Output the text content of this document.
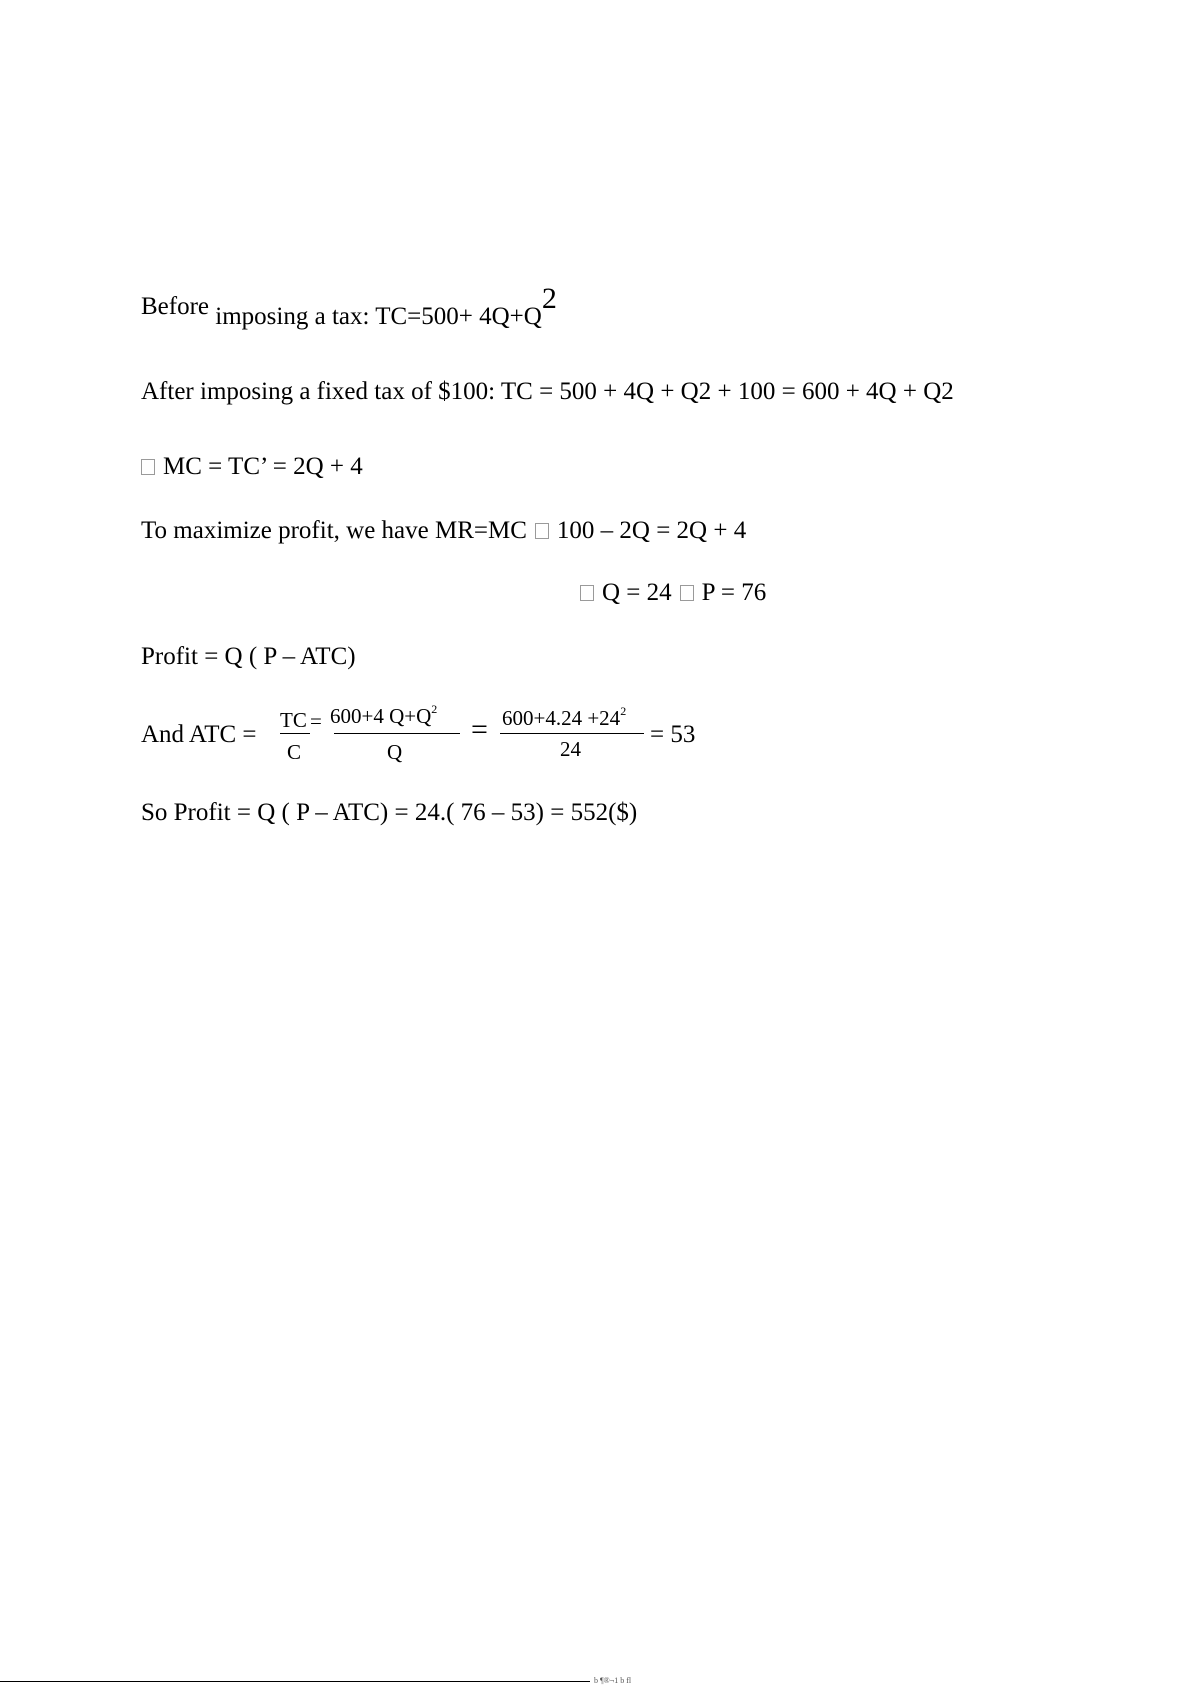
Before imposing a tax: TC=500+ 4Q+Q2
After imposing a fixed tax of $100: TC = 500 + 4Q + Q2 + 100 = 600 + 4Q + Q2
MC = TC’ = 2Q + 4
To maximize profit, we have MR=MC 100 – 2Q = 2Q + 4
Q = 24 P = 76
Profit = Q ( P – ATC)
And ATC =
TC =
C
600+4 $Q+Q^2$
Q
= $600+4.24 +24^2$
24
= 53
So Profit = Q ( P – ATC) = 24.( 76 – 53) = 552($)
b ¶®¬1 b fl
